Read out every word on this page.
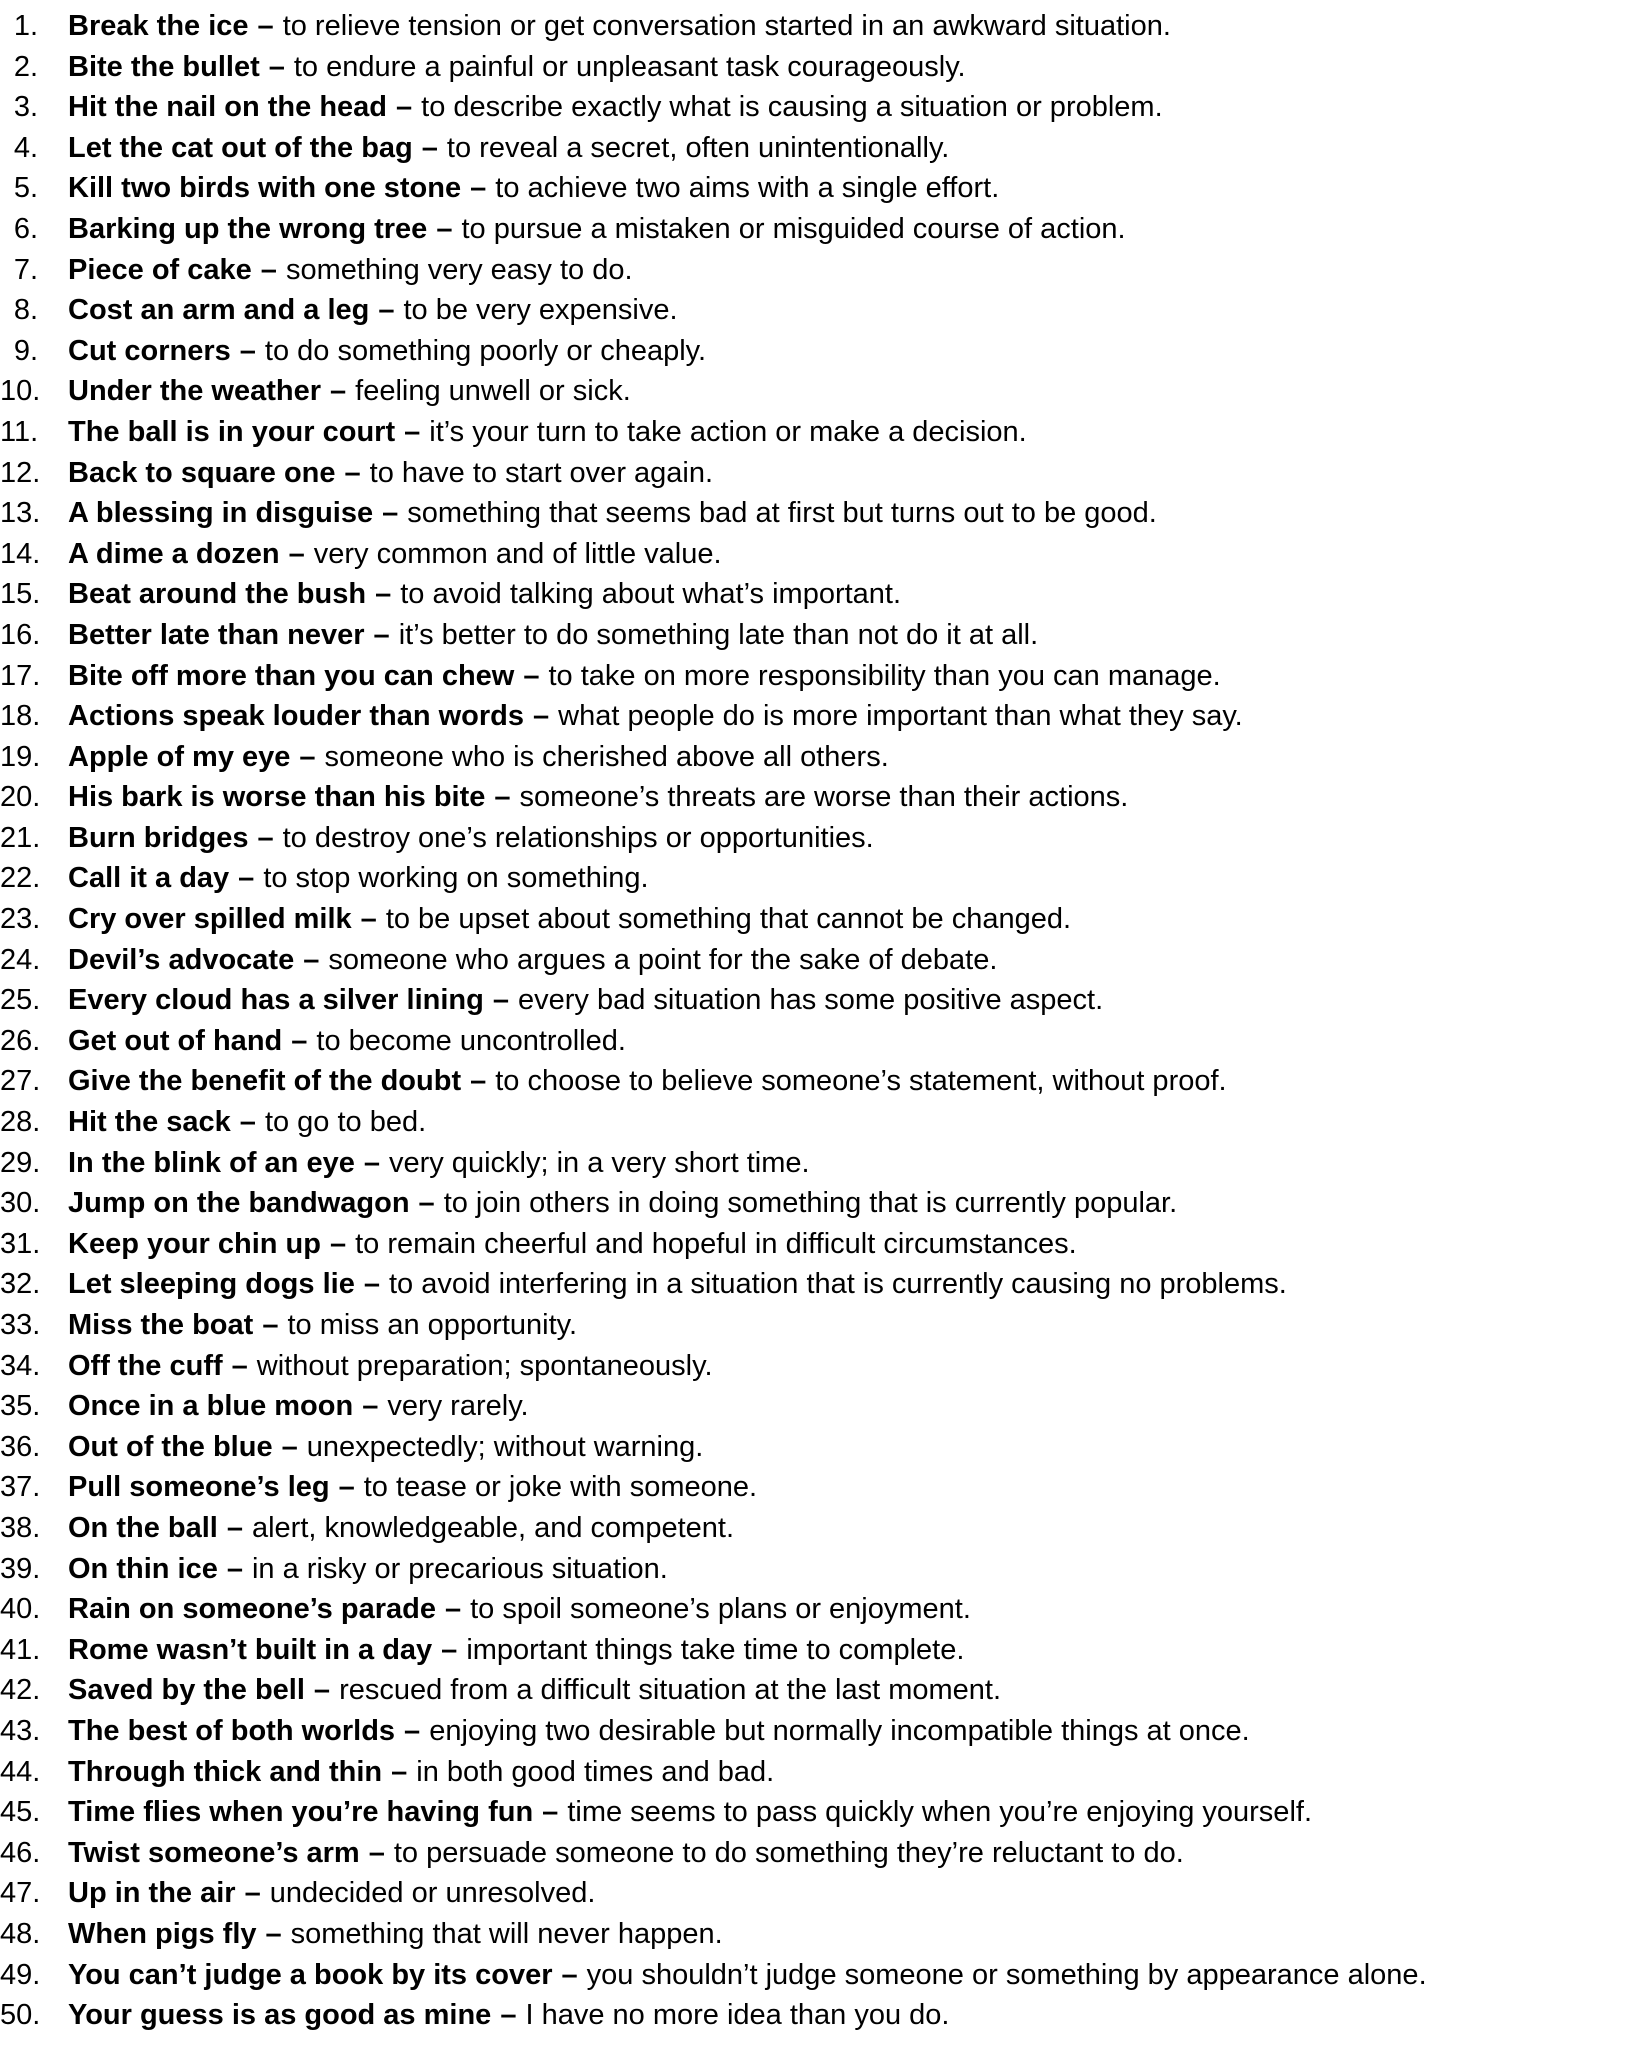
1. Break the ice – to relieve tension or get conversation started in an awkward situation.
2. Bite the bullet – to endure a painful or unpleasant task courageously.
3. Hit the nail on the head – to describe exactly what is causing a situation or problem.
4. Let the cat out of the bag – to reveal a secret, often unintentionally.
5. Kill two birds with one stone – to achieve two aims with a single effort.
6. Barking up the wrong tree – to pursue a mistaken or misguided course of action.
7. Piece of cake – something very easy to do.
8. Cost an arm and a leg – to be very expensive.
9. Cut corners – to do something poorly or cheaply.
10. Under the weather – feeling unwell or sick.
11. The ball is in your court – it’s your turn to take action or make a decision.
12. Back to square one – to have to start over again.
13. A blessing in disguise – something that seems bad at first but turns out to be good.
14. A dime a dozen – very common and of little value.
15. Beat around the bush – to avoid talking about what’s important.
16. Better late than never – it’s better to do something late than not do it at all.
17. Bite off more than you can chew – to take on more responsibility than you can manage.
18. Actions speak louder than words – what people do is more important than what they say.
19. Apple of my eye – someone who is cherished above all others.
20. His bark is worse than his bite – someone’s threats are worse than their actions.
21. Burn bridges – to destroy one’s relationships or opportunities.
22. Call it a day – to stop working on something.
23. Cry over spilled milk – to be upset about something that cannot be changed.
24. Devil’s advocate – someone who argues a point for the sake of debate.
25. Every cloud has a silver lining – every bad situation has some positive aspect.
26. Get out of hand – to become uncontrolled.
27. Give the benefit of the doubt – to choose to believe someone’s statement, without proof.
28. Hit the sack – to go to bed.
29. In the blink of an eye – very quickly; in a very short time.
30. Jump on the bandwagon – to join others in doing something that is currently popular.
31. Keep your chin up – to remain cheerful and hopeful in difficult circumstances.
32. Let sleeping dogs lie – to avoid interfering in a situation that is currently causing no problems.
33. Miss the boat – to miss an opportunity.
34. Off the cuff – without preparation; spontaneously.
35. Once in a blue moon – very rarely.
36. Out of the blue – unexpectedly; without warning.
37. Pull someone’s leg – to tease or joke with someone.
38. On the ball – alert, knowledgeable, and competent.
39. On thin ice – in a risky or precarious situation.
40. Rain on someone’s parade – to spoil someone’s plans or enjoyment.
41. Rome wasn’t built in a day – important things take time to complete.
42. Saved by the bell – rescued from a difficult situation at the last moment.
43. The best of both worlds – enjoying two desirable but normally incompatible things at once.
44. Through thick and thin – in both good times and bad.
45. Time flies when you’re having fun – time seems to pass quickly when you’re enjoying yourself.
46. Twist someone’s arm – to persuade someone to do something they’re reluctant to do.
47. Up in the air – undecided or unresolved.
48. When pigs fly – something that will never happen.
49. You can’t judge a book by its cover – you shouldn’t judge someone or something by appearance alone.
50. Your guess is as good as mine – I have no more idea than you do.
